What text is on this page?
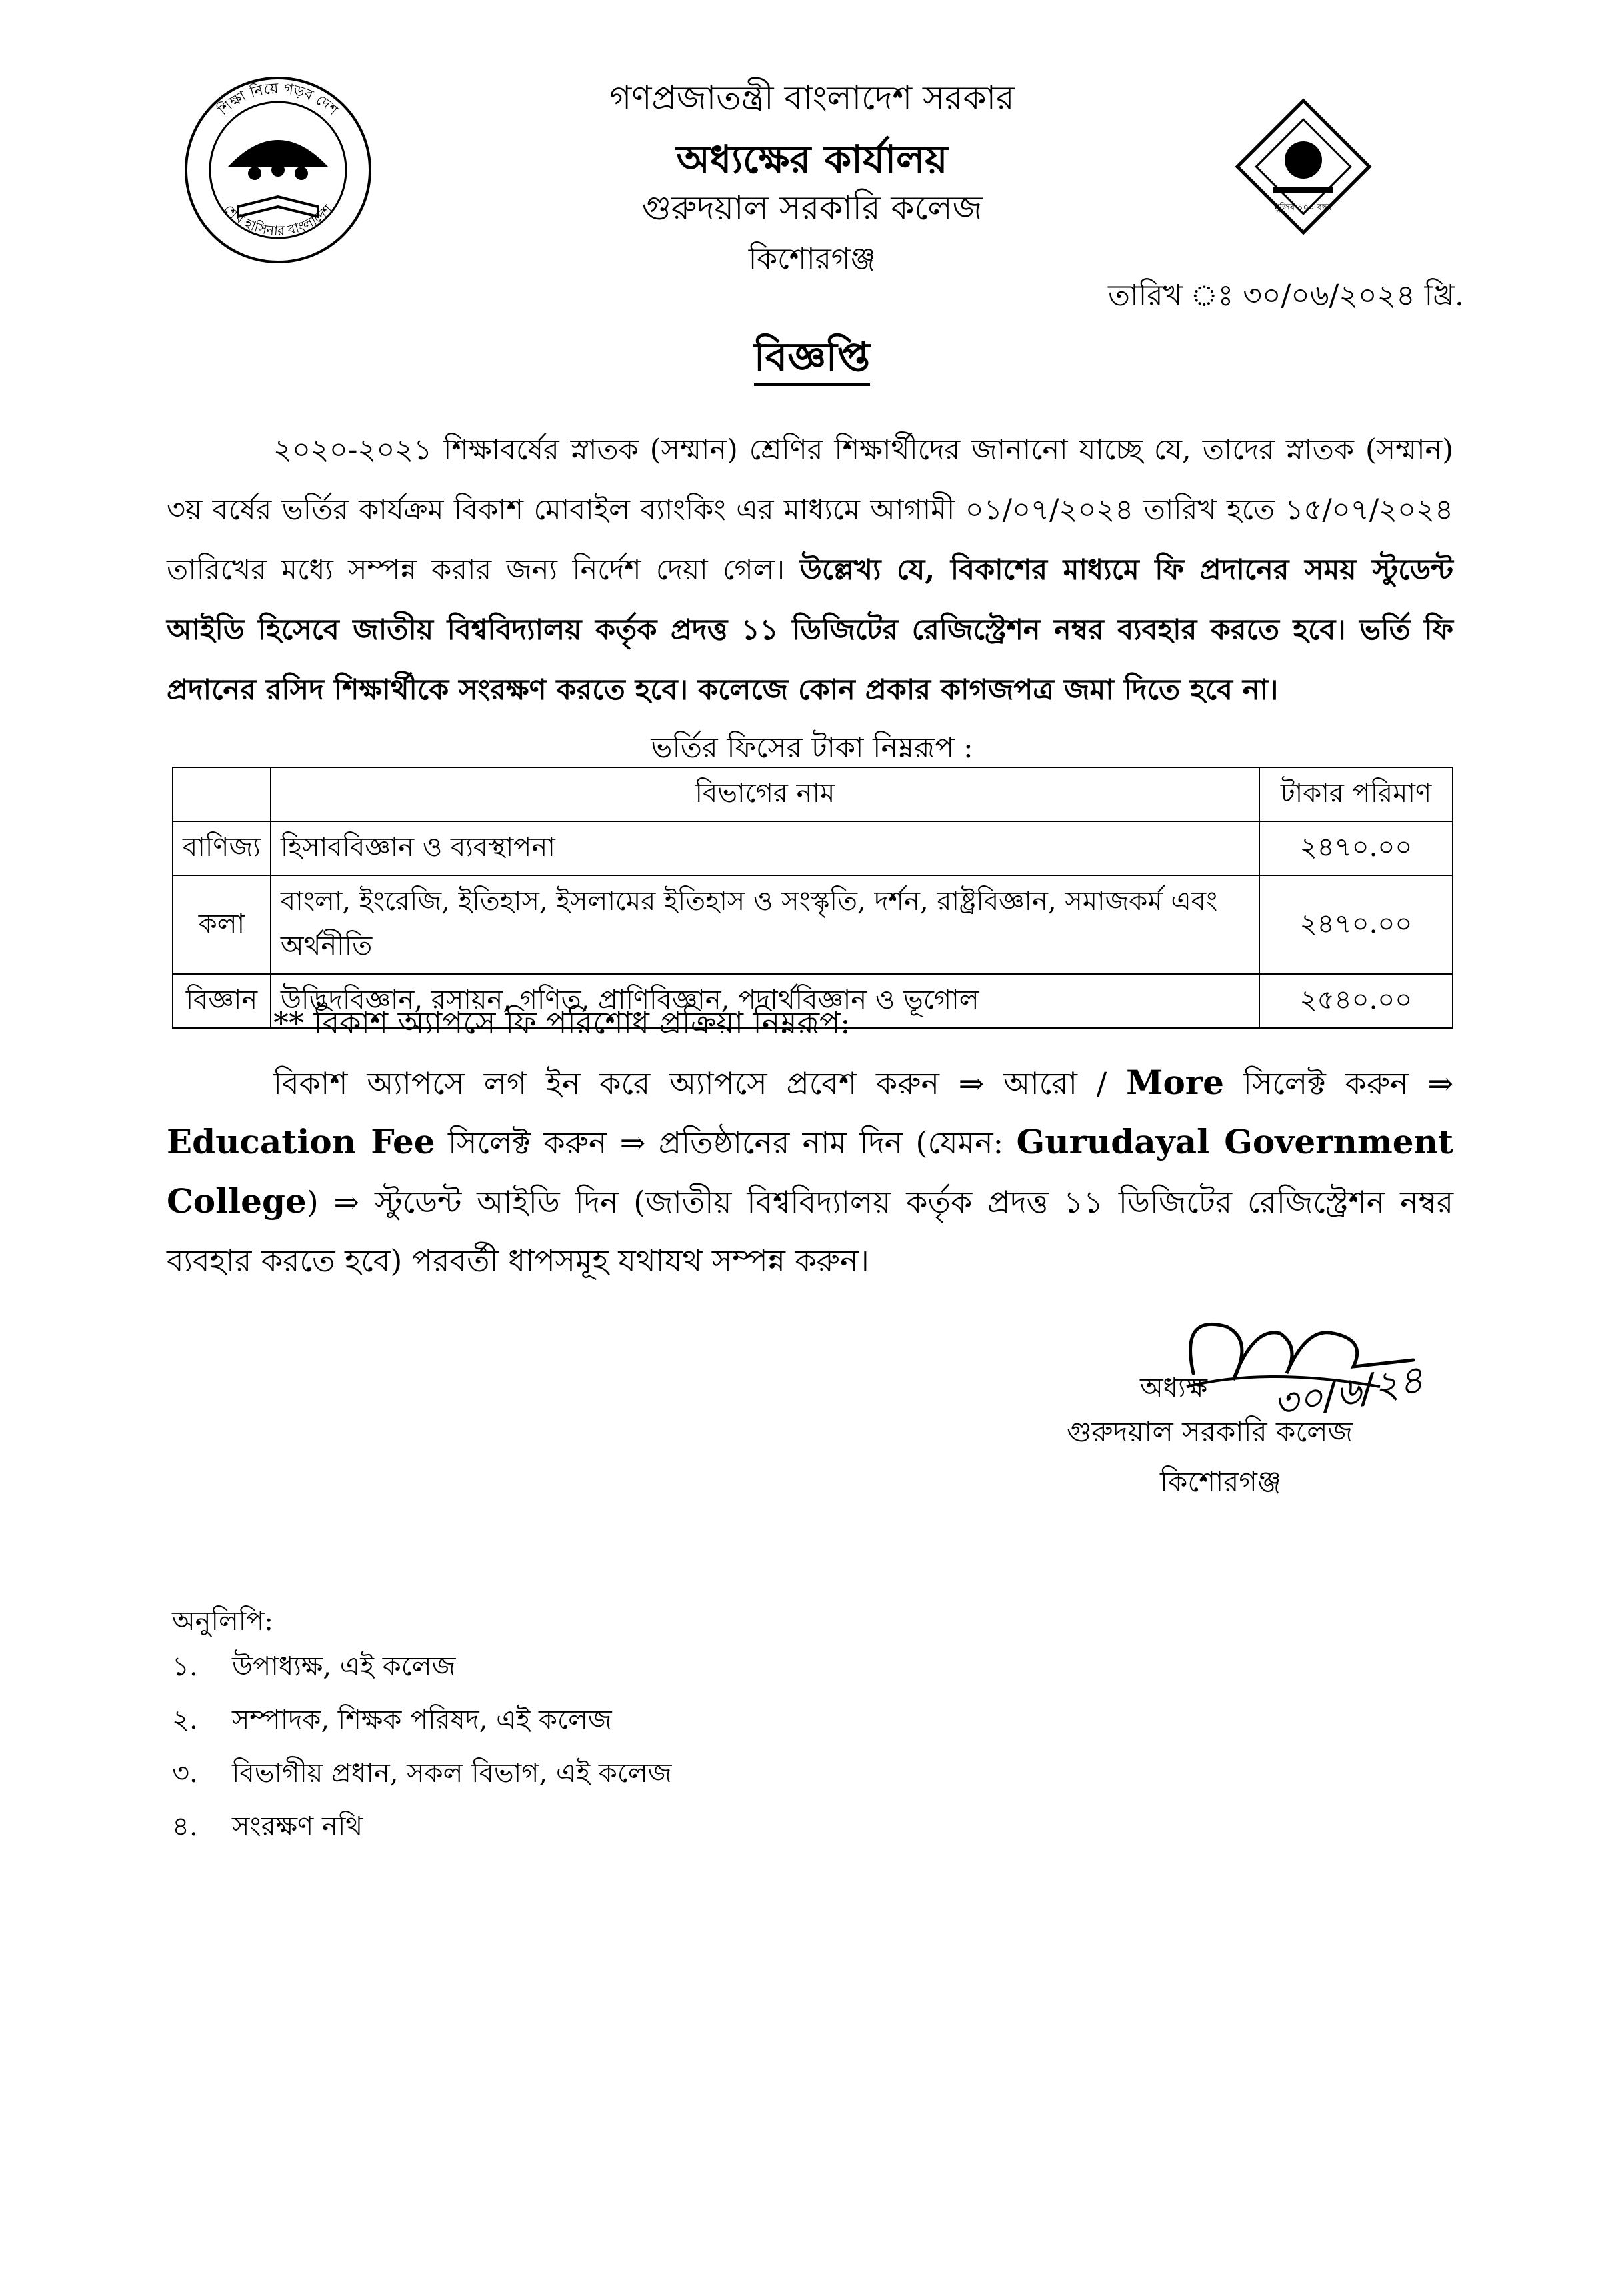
শিক্ষা নিয়ে গড়ব দেশ
শেখ হাসিনার বাংলাদেশ	মুজিব ১০০ বছর
গণপ্রজাতন্ত্রী বাংলাদেশ সরকার
অধ্যক্ষের কার্যালয়
গুরুদয়াল সরকারি কলেজ
কিশোরগঞ্জ
তারিখ ঃ ৩০/০৬/২০২৪ খ্রি.
বিজ্ঞপ্তি
২০২০-২০২১ শিক্ষাবর্ষের স্নাতক (সম্মান) শ্রেণির শিক্ষার্থীদের জানানো যাচ্ছে যে, তাদের স্নাতক (সম্মান) ৩য় বর্ষের ভর্তির কার্যক্রম বিকাশ মোবাইল ব্যাংকিং এর মাধ্যমে আগামী ০১/০৭/২০২৪ তারিখ হতে ১৫/০৭/২০২৪ তারিখের মধ্যে সম্পন্ন করার জন্য নির্দেশ দেয়া গেল। উল্লেখ্য যে, বিকাশের মাধ্যমে ফি প্রদানের সময় স্টুডেন্ট আইডি হিসেবে জাতীয় বিশ্ববিদ্যালয় কর্তৃক প্রদত্ত ১১ ডিজিটের রেজিস্ট্রেশন নম্বর ব্যবহার করতে হবে। ভর্তি ফি প্রদানের রসিদ শিক্ষার্থীকে সংরক্ষণ করতে হবে। কলেজে কোন প্রকার কাগজপত্র জমা দিতে হবে না।
ভর্তির ফিসের টাকা নিম্নরূপ :
	বিভাগের নাম	টাকার পরিমাণ
বাণিজ্য	হিসাববিজ্ঞান ও ব্যবস্থাপনা	২৪৭০.০০
কলা	বাংলা, ইংরেজি, ইতিহাস, ইসলামের ইতিহাস ও সংস্কৃতি, দর্শন, রাষ্ট্রবিজ্ঞান, সমাজকর্ম এবং অর্থনীতি	২৪৭০.০০
বিজ্ঞান	উদ্ভিদবিজ্ঞান, রসায়ন, গণিত, প্রাণিবিজ্ঞান, পদার্থবিজ্ঞান ও ভূগোল	২৫৪০.০০
** বিকাশ অ্যাপসে ফি পরিশোধ প্রক্রিয়া নিম্নরূপ:
বিকাশ অ্যাপসে লগ ইন করে অ্যাপসে প্রবেশ করুন ⇒ আরো / More সিলেক্ট করুন ⇒ Education Fee সিলেক্ট করুন ⇒ প্রতিষ্ঠানের নাম দিন (যেমন: Gurudayal Government College) ⇒ স্টুডেন্ট আইডি দিন (জাতীয় বিশ্ববিদ্যালয় কর্তৃক প্রদত্ত ১১ ডিজিটের রেজিস্ট্রেশন নম্বর ব্যবহার করতে হবে) পরবর্তী ধাপসমূহ যথাযথ সম্পন্ন করুন।
৩০/৬/২৪
অধ্যক্ষ
গুরুদয়াল সরকারি কলেজ
কিশোরগঞ্জ
অনুলিপি:
১.	উপাধ্যক্ষ, এই কলেজ
২.	সম্পাদক, শিক্ষক পরিষদ, এই কলেজ
৩.	বিভাগীয় প্রধান, সকল বিভাগ, এই কলেজ
৪.	সংরক্ষণ নথি
